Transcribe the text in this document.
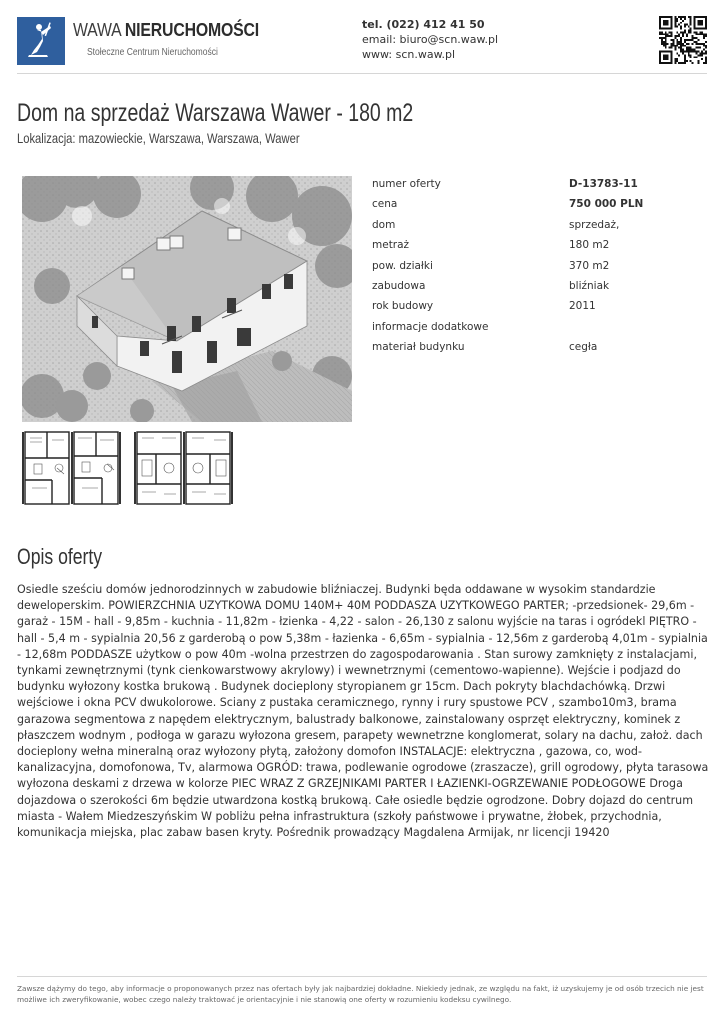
WAWA NIERUCHOMOŚCI
Stołeczne Centrum Nieruchomości
tel. (022) 412 41 50
email: biuro@scn.waw.pl
www: scn.waw.pl
Dom na sprzedaż Warszawa Wawer - 180 m2
Lokalizacja: mazowieckie, Warszawa, Warszawa, Wawer
numer oferty	D-13783-11
cena	750 000 PLN
dom	sprzedaż,
metraż	180 m2
pow. działki	370 m2
zabudowa	bliźniak
rok budowy	2011
informacje dodatkowe
materiał budynku	cegła
Opis oferty
Osiedle sześciu domów jednorodzinnych w zabudowie bliźniaczej. Budynki będa oddawane w wysokim standardzie deweloperskim. POWIERZCHNIA UZYTKOWA DOMU 140M+ 40M PODDASZA UZYTKOWEGO PARTER; -przedsionek- 29,6m - garaż - 15M - hall - 9,85m - kuchnia - 11,82m - łzienka - 4,22 - salon - 26,130 z salonu wyjście na taras i ogródekl PIĘTRO - hall - 5,4 m - sypialnia 20,56 z garderobą o pow 5,38m - łazienka - 6,65m - sypialnia - 12,56m z garderobą 4,01m - sypialnia - 12,68m PODDASZE użytkow o pow 40m -wolna przestrzen do zagospodarowania . Stan surowy zamknięty z instalacjami, tynkami zewnętrznymi (tynk cienkowarstwowy akrylowy) i wewnetrznymi (cementowo-wapienne). Wejście i podjazd do budynku wyłozony kostka brukową . Budynek docieplony styropianem gr 15cm. Dach pokryty blachdachówką. Drzwi wejściowe i okna PCV dwukolorowe. Sciany z pustaka ceramicznego, rynny i rury spustowe PCV , szambo10m3, brama garazowa segmentowa z napędem elektrycznym, balustrady balkonowe, zainstalowany osprzęt elektryczny, kominek z płaszczem wodnym , podłoga w garazu wyłozona gresem, parapety wewnetrzne konglomerat, solary na dachu, założ. dach docieplony wełna mineralną oraz wyłozony płytą, założony domofon INSTALACJE: elektryczna , gazowa, co, wod-kanalizacyjna, domofonowa, Tv, alarmowa OGRÓD: trawa, podlewanie ogrodowe (zraszacze), grill ogrodowy, płyta tarasowa wyłozona deskami z drzewa w kolorze PIEC WRAZ Z GRZEJNIKAMI PARTER I ŁAZIENKI-OGRZEWANIE PODŁOGOWE Droga dojazdowa o szerokości 6m będzie utwardzona kostką brukową. Całe osiedle będzie ogrodzone. Dobry dojazd do centrum miasta - Wałem Miedzeszyńskim W pobliżu pełna infrastruktura (szkoły państwowe i prywatne, żłobek, przychodnia, komunikacja miejska, plac zabaw basen kryty. Pośrednik prowadzący Magdalena Armijak, nr licencji 19420
Zawsze dążymy do tego, aby informacje o proponowanych przez nas ofertach były jak najbardziej dokładne. Niekiedy jednak, ze względu na fakt, iż uzyskujemy je od osób trzecich nie jest możliwe ich zweryfikowanie, wobec czego należy traktować je orientacyjnie i nie stanowią one oferty w rozumieniu kodeksu cywilnego.
